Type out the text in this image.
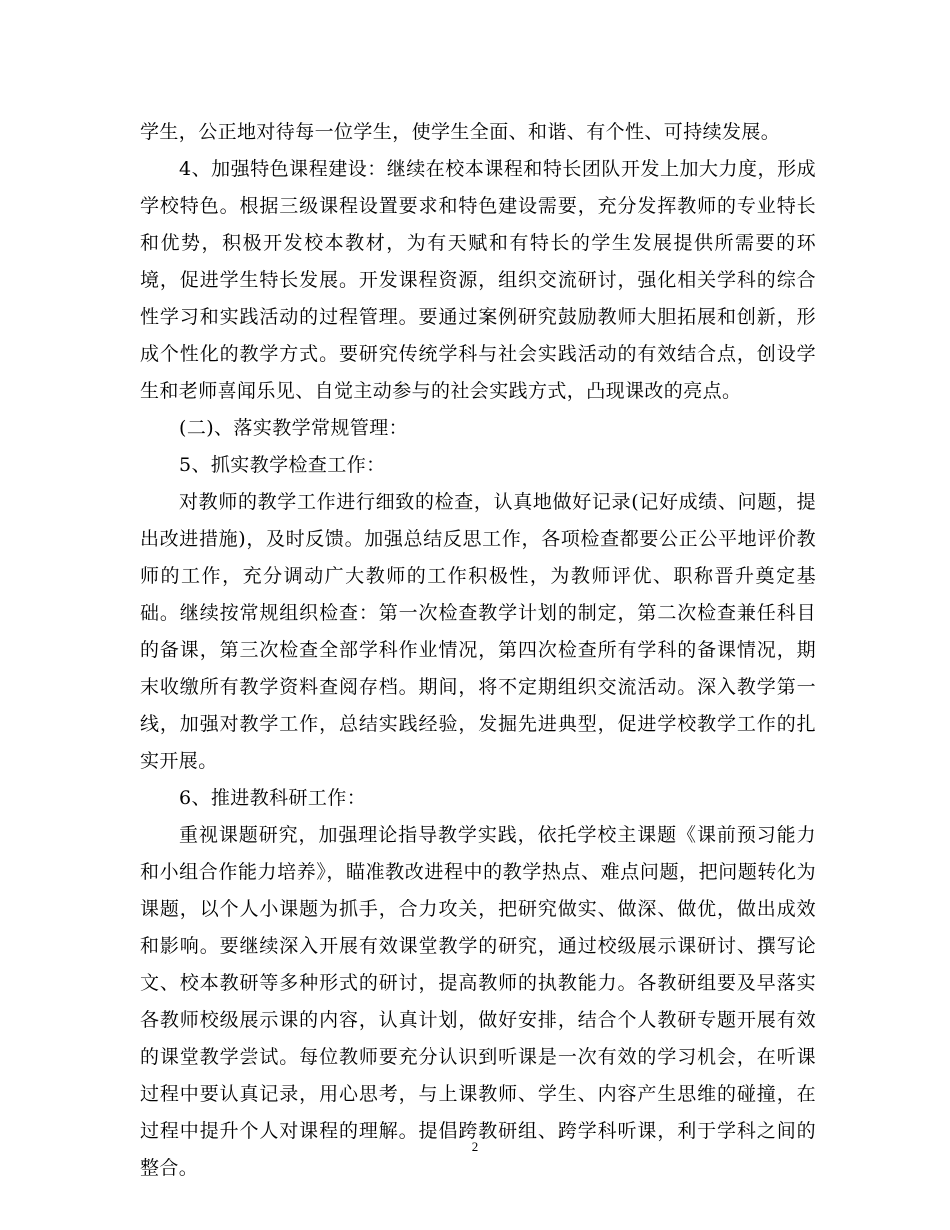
学生，公正地对待每一位学生，使学生全面、和谐、有个性、可持续发展。

4、加强特色课程建设：继续在校本课程和特长团队开发上加大力度，形成学校特色。根据三级课程设置要求和特色建设需要，充分发挥教师的专业特长和优势，积极开发校本教材，为有天赋和有特长的学生发展提供所需要的环境，促进学生特长发展。开发课程资源，组织交流研讨，强化相关学科的综合性学习和实践活动的过程管理。要通过案例研究鼓励教师大胆拓展和创新，形成个性化的教学方式。要研究传统学科与社会实践活动的有效结合点，创设学生和老师喜闻乐见、自觉主动参与的社会实践方式，凸现课改的亮点。

(二)、落实教学常规管理：

5、抓实教学检查工作：

对教师的教学工作进行细致的检查，认真地做好记录(记好成绩、问题，提出改进措施)，及时反馈。加强总结反思工作，各项检查都要公正公平地评价教师的工作，充分调动广大教师的工作积极性，为教师评优、职称晋升奠定基础。继续按常规组织检查：第一次检查教学计划的制定，第二次检查兼任科目的备课，第三次检查全部学科作业情况，第四次检查所有学科的备课情况，期末收缴所有教学资料查阅存档。期间，将不定期组织交流活动。深入教学第一线，加强对教学工作，总结实践经验，发掘先进典型，促进学校教学工作的扎实开展。

6、推进教科研工作：

重视课题研究，加强理论指导教学实践，依托学校主课题《课前预习能力和小组合作能力培养》，瞄准教改进程中的教学热点、难点问题，把问题转化为课题，以个人小课题为抓手，合力攻关，把研究做实、做深、做优，做出成效和影响。要继续深入开展有效课堂教学的研究，通过校级展示课研讨、撰写论文、校本教研等多种形式的研讨，提高教师的执教能力。各教研组要及早落实各教师校级展示课的内容，认真计划，做好安排，结合个人教研专题开展有效的课堂教学尝试。每位教师要充分认识到听课是一次有效的学习机会，在听课过程中要认真记录，用心思考，与上课教师、学生、内容产生思维的碰撞，在过程中提升个人对课程的理解。提倡跨教研组、跨学科听课，利于学科之间的整合。

2
